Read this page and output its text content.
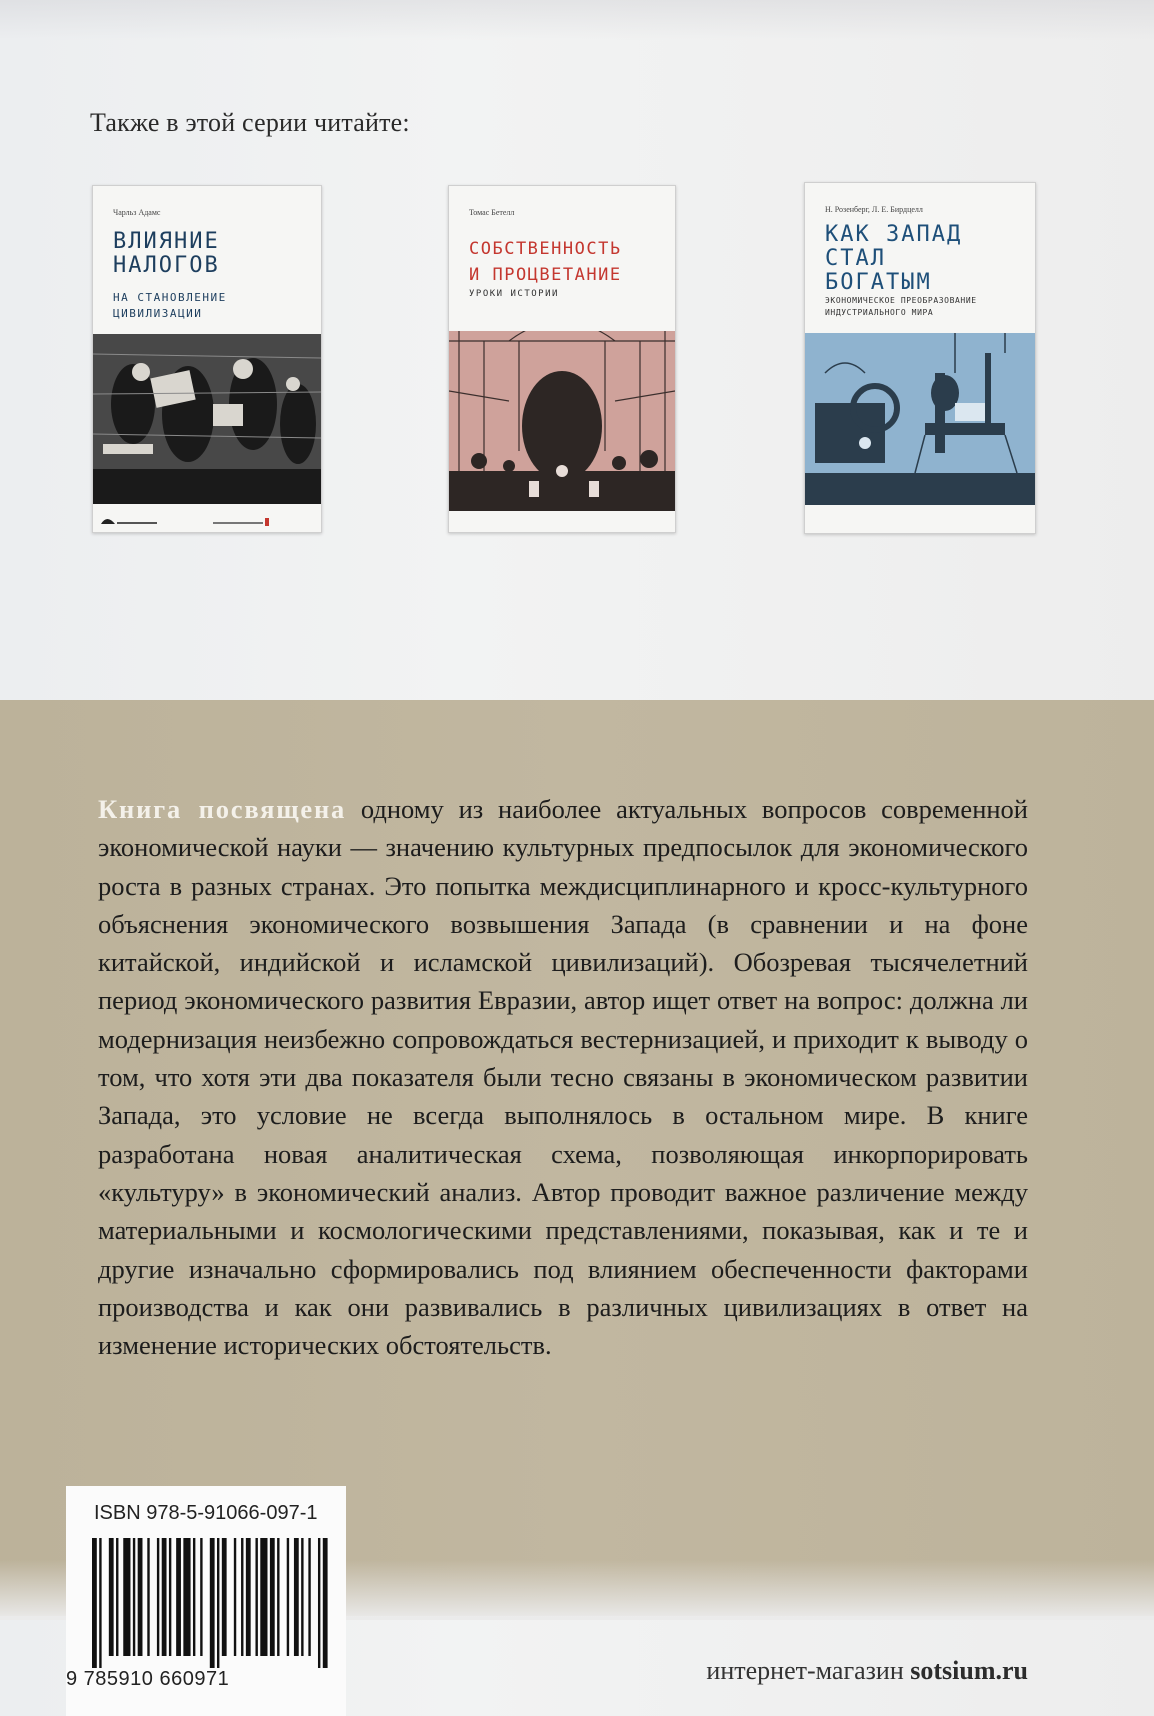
Также в этой серии читайте:
Чарльз Адамс
ВЛИЯНИЕ
НАЛОГОВ
НА СТАНОВЛЕНИЕ
ЦИВИЛИЗАЦИИ
Томас Бетелл
СОБСТВЕННОСТЬ
И ПРОЦВЕТАНИЕ
УРОКИ ИСТОРИИ
Н. Розенберг, Л. Е. Бирдцелл
КАК ЗАПАД
СТАЛ
БОГАТЫМ
ЭКОНОМИЧЕСКОЕ ПРЕОБРАЗОВАНИЕ
ИНДУСТРИАЛЬНОГО МИРА
Книга посвящена одному из наиболее актуальных вопросов современной экономической науки — значению культурных предпосылок для экономического роста в разных странах. Это попытка междисциплинарного и кросс-культурного объяснения экономического возвышения Запада (в сравнении и на фоне китайской, индийской и исламской цивилизаций). Обозревая тысячелетний период экономического развития Евразии, автор ищет ответ на вопрос: должна ли модернизация неизбежно сопровождаться вестернизацией, и приходит к выводу о том, что хотя эти два показателя были тесно связаны в экономическом развитии Запада, это условие не всегда выполнялось в остальном мире. В книге разработана новая аналитическая схема, позволяющая инкорпорировать «культуру» в экономический анализ. Автор проводит важное различение между материальными и космологическими представлениями, показывая, как и те и другие изначально сформировались под влиянием обеспеченности факторами производства и как они развивались в различных цивилизациях в ответ на изменение исторических обстоятельств.
ISBN 978-5-91066-097-1
9 785910 660971	интернет-магазин sotsium.ru
